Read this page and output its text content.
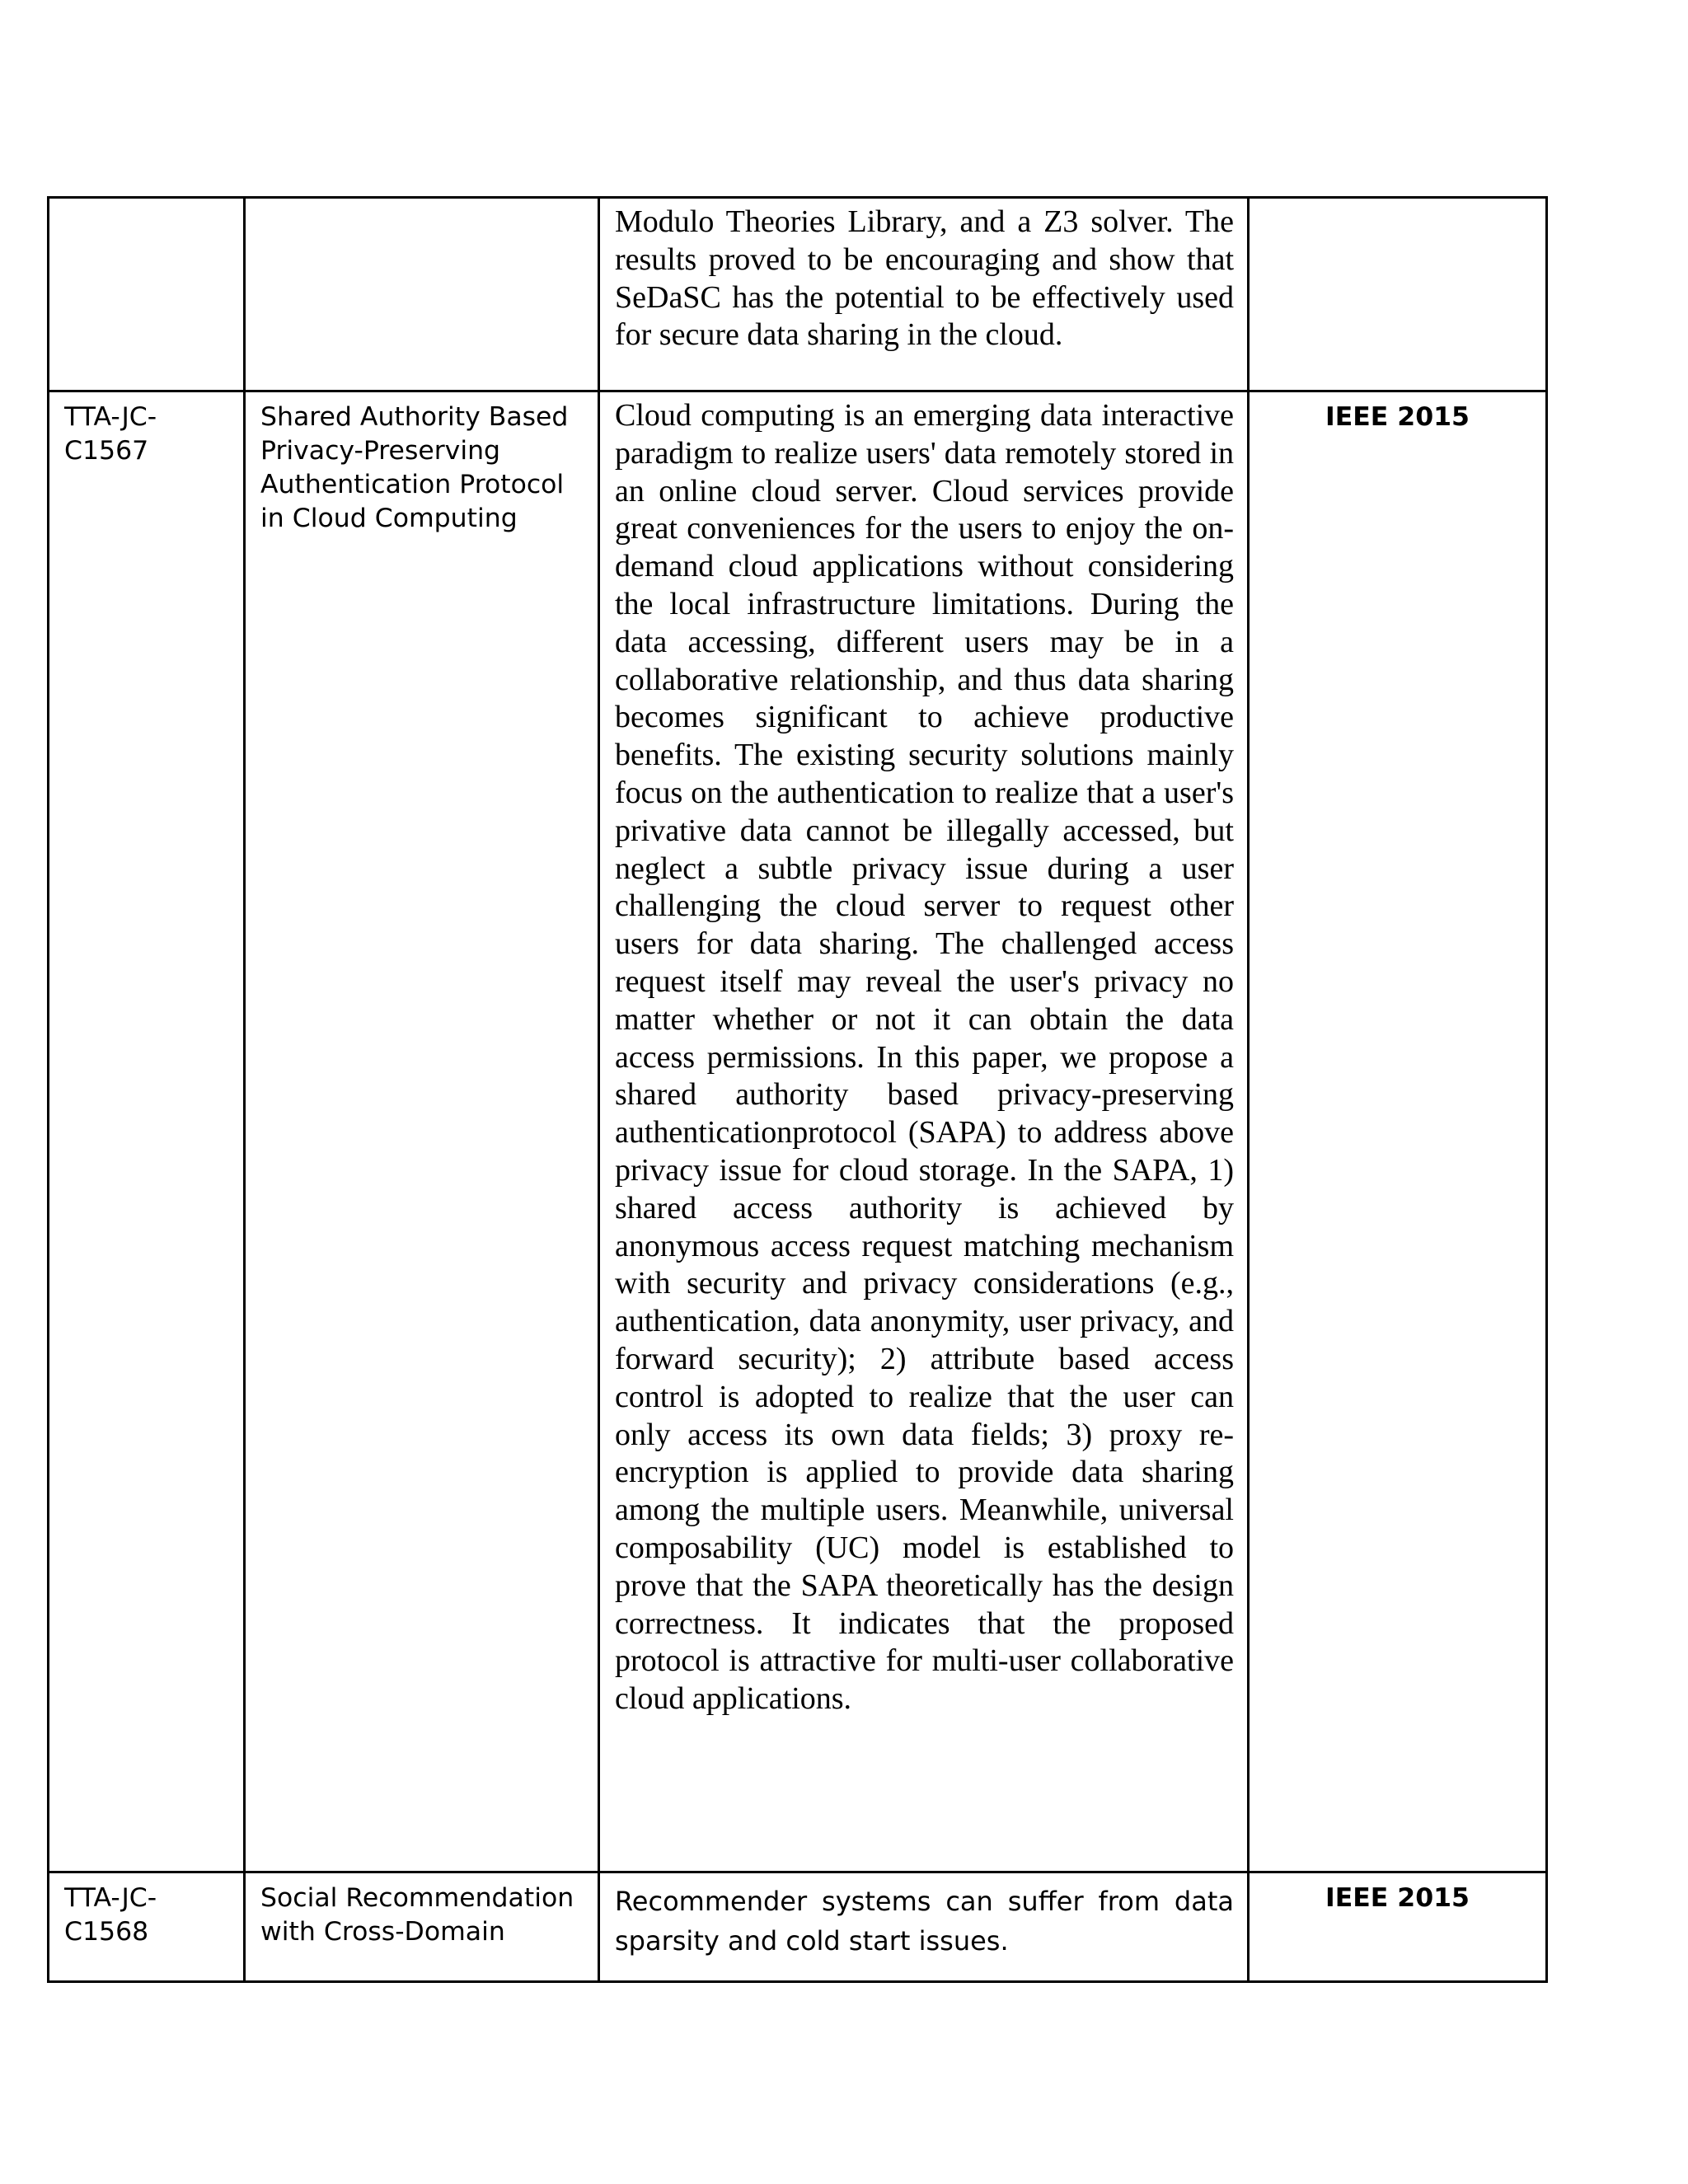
		Modulo Theories Library, and a Z3 solver. The results proved to be encouraging and show that SeDaSC has the potential to be effectively used for secure data sharing in the cloud.	
TTA-JC-C1567	Shared Authority Based Privacy-Preserving Authentication Protocol in Cloud Computing	Cloud computing is an emerging data interactive paradigm to realize users' data remotely stored in an online cloud server. Cloud services provide great conveniences for the users to enjoy the on-demand cloud applications without considering the local infrastructure limitations. During the data accessing, different users may be in a collaborative relationship, and thus data sharing becomes significant to achieve productive benefits. The existing security solutions mainly focus on the authentication to realize that a user's privative data cannot be illegally accessed, but neglect a subtle privacy issue during a user challenging the cloud server to request other users for data sharing. The challenged access request itself may reveal the user's privacy no matter whether or not it can obtain the data access permissions. In this paper, we propose a shared authority based privacy-preserving authenticationprotocol (SAPA) to address above privacy issue for cloud storage. In the SAPA, 1) shared access authority is achieved by anonymous access request matching mechanism with security and privacy considerations (e.g., authentication, data anonymity, user privacy, and forward security); 2) attribute based access control is adopted to realize that the user can only access its own data fields; 3) proxy re-encryption is applied to provide data sharing among the multiple users. Meanwhile, universal composability (UC) model is established to prove that the SAPA theoretically has the design correctness. It indicates that the proposed protocol is attractive for multi-user collaborative cloud applications.	IEEE 2015
TTA-JC-C1568	Social Recommendation with Cross-Domain	Recommender systems can suffer from data sparsity and cold start issues.	IEEE 2015
